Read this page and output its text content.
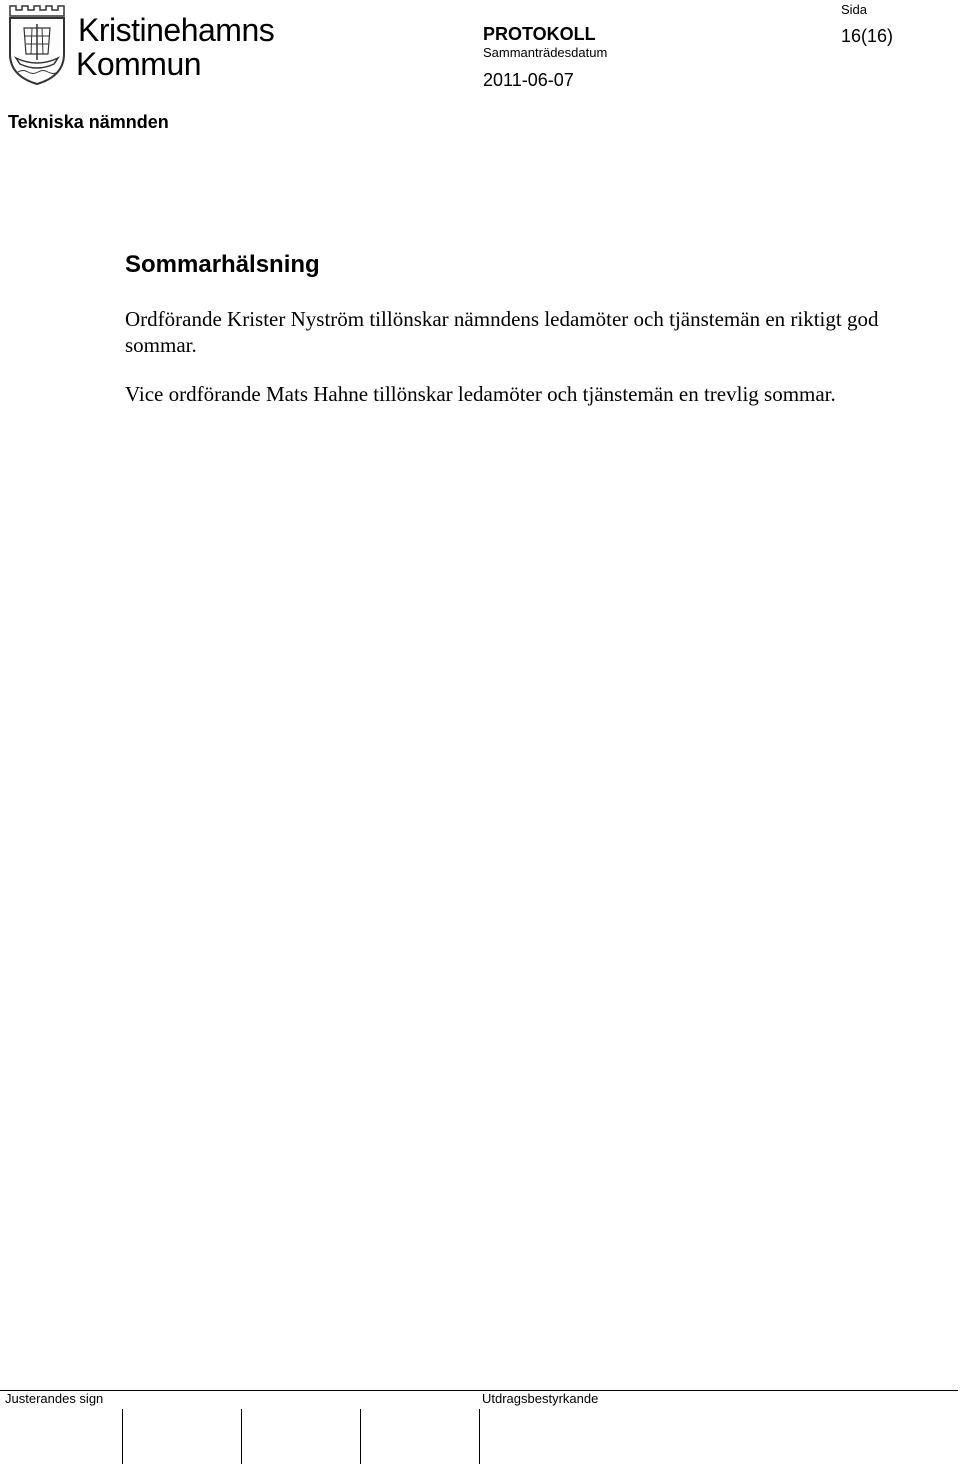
Kristinehamns
Kommun
Tekniska nämnden
PROTOKOLL
Sammanträdesdatum
2011-06-07
Sida
16(16)
Sommarhälsning
Ordförande Krister Nyström tillönskar nämndens ledamöter och tjänstemän en riktigt god sommar.
Vice ordförande Mats Hahne tillönskar ledamöter och tjänstemän en trevlig sommar.
Justerandes sign	Utdragsbestyrkande
